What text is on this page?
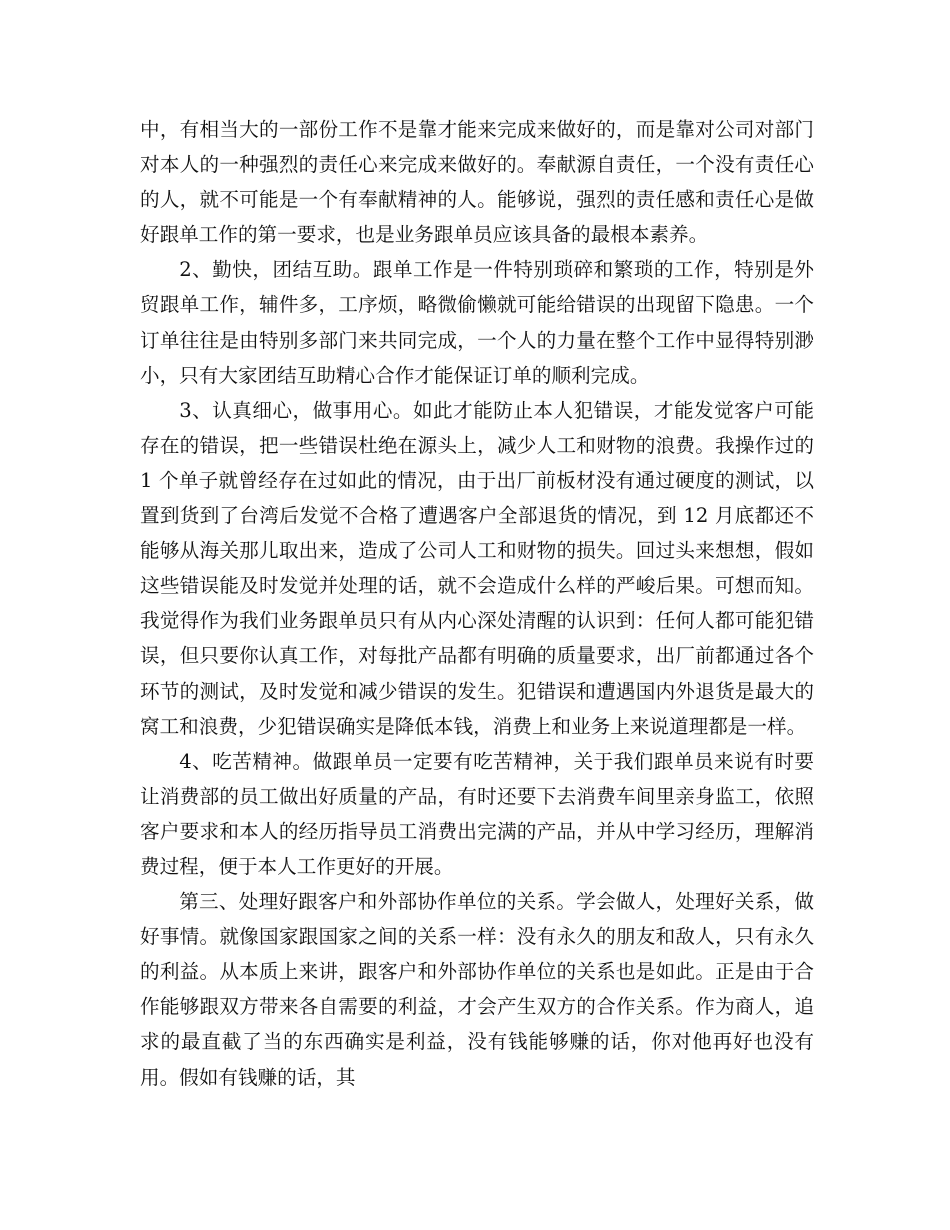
中，有相当大的一部份工作不是靠才能来完成来做好的，而是靠对公司对部门对本人的一种强烈的责任心来完成来做好的。奉献源自责任，一个没有责任心的人，就不可能是一个有奉献精神的人。能够说，强烈的责任感和责任心是做好跟单工作的第一要求，也是业务跟单员应该具备的最根本素养。

2、勤快，团结互助。跟单工作是一件特别琐碎和繁琐的工作，特别是外贸跟单工作，辅件多，工序烦，略微偷懒就可能给错误的出现留下隐患。一个订单往往是由特别多部门来共同完成，一个人的力量在整个工作中显得特别渺小，只有大家团结互助精心合作才能保证订单的顺利完成。

3、认真细心，做事用心。如此才能防止本人犯错误，才能发觉客户可能存在的错误，把一些错误杜绝在源头上，减少人工和财物的浪费。我操作过的 1 个单子就曾经存在过如此的情况，由于出厂前板材没有通过硬度的测试，以置到货到了台湾后发觉不合格了遭遇客户全部退货的情况，到 12 月底都还不能够从海关那儿取出来，造成了公司人工和财物的损失。回过头来想想，假如这些错误能及时发觉并处理的话，就不会造成什么样的严峻后果。可想而知。我觉得作为我们业务跟单员只有从内心深处清醒的认识到：任何人都可能犯错误，但只要你认真工作，对每批产品都有明确的质量要求，出厂前都通过各个环节的测试，及时发觉和减少错误的发生。犯错误和遭遇国内外退货是最大的窝工和浪费，少犯错误确实是降低本钱，消费上和业务上来说道理都是一样。

4、吃苦精神。做跟单员一定要有吃苦精神，关于我们跟单员来说有时要让消费部的员工做出好质量的产品，有时还要下去消费车间里亲身监工，依照客户要求和本人的经历指导员工消费出完满的产品，并从中学习经历，理解消费过程，便于本人工作更好的开展。

第三、处理好跟客户和外部协作单位的关系。学会做人，处理好关系，做好事情。就像国家跟国家之间的关系一样：没有永久的朋友和敌人，只有永久的利益。从本质上来讲，跟客户和外部协作单位的关系也是如此。正是由于合作能够跟双方带来各自需要的利益，才会产生双方的合作关系。作为商人，追求的最直截了当的东西确实是利益，没有钱能够赚的话，你对他再好也没有用。假如有钱赚的话，其
